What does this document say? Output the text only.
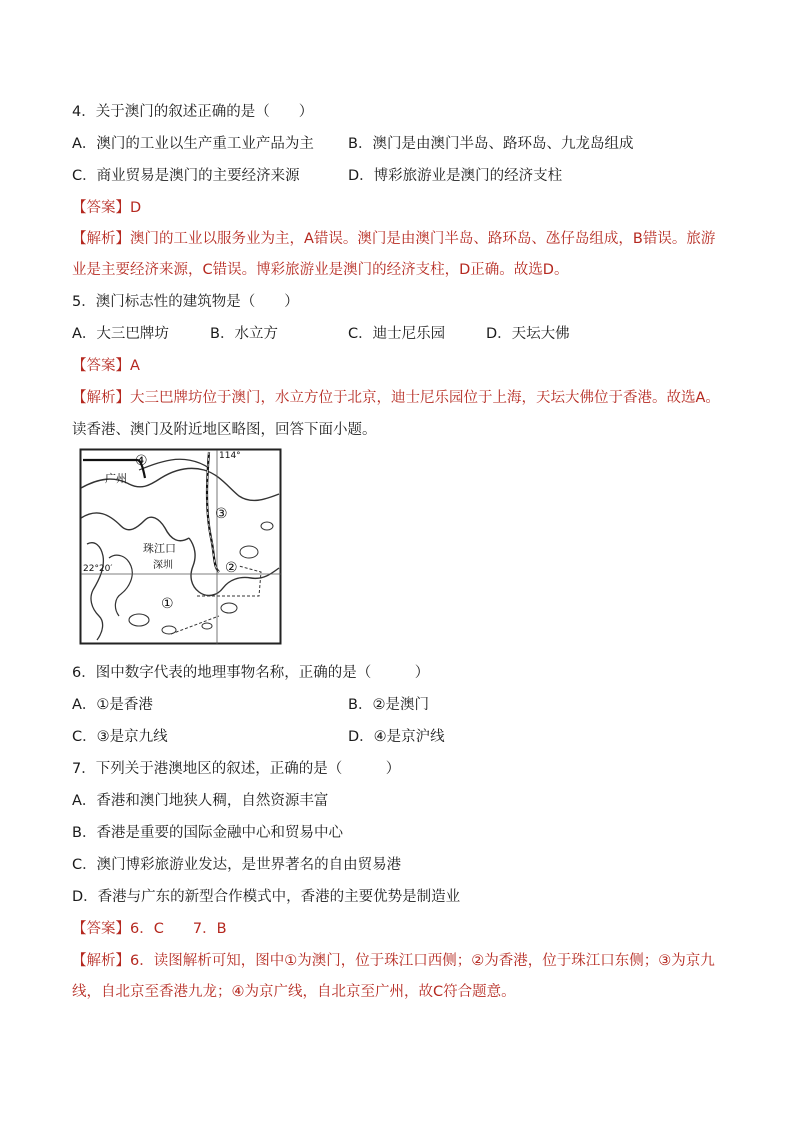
4．关于澳门的叙述正确的是（　　）
A．澳门的工业以生产重工业产品为主 B．澳门是由澳门半岛、路环岛、九龙岛组成
C．商业贸易是澳门的主要经济来源	D．博彩旅游业是澳门的经济支柱
【答案】D
【解析】澳门的工业以服务业为主，A错误。澳门是由澳门半岛、路环岛、氹仔岛组成，B错误。旅游业是主要经济来源，C错误。博彩旅游业是澳门的经济支柱，D正确。故选D。
5．澳门标志性的建筑物是（　　）
A．大三巴牌坊	B．水立方	C．迪士尼乐园	D．天坛大佛
【答案】A
【解析】大三巴牌坊位于澳门，水立方位于北京，迪士尼乐园位于上海，天坛大佛位于香港。故选A。
读香港、澳门及附近地区略图，回答下面小题。
广州
珠江口
深圳
22°20′
114°
①
②
③
④
6．图中数字代表的地理事物名称，正确的是（　　　）
A．①是香港	B．②是澳门
C．③是京九线	D．④是京沪线
7．下列关于港澳地区的叙述，正确的是（　　　）
A．香港和澳门地狭人稠，自然资源丰富
B．香港是重要的国际金融中心和贸易中心
C．澳门博彩旅游业发达，是世界著名的自由贸易港
D．香港与广东的新型合作模式中，香港的主要优势是制造业
【答案】6．C　　7．B
【解析】6．读图解析可知，图中①为澳门，位于珠江口西侧；②为香港，位于珠江口东侧；③为京九线，自北京至香港九龙；④为京广线，自北京至广州，故C符合题意。
